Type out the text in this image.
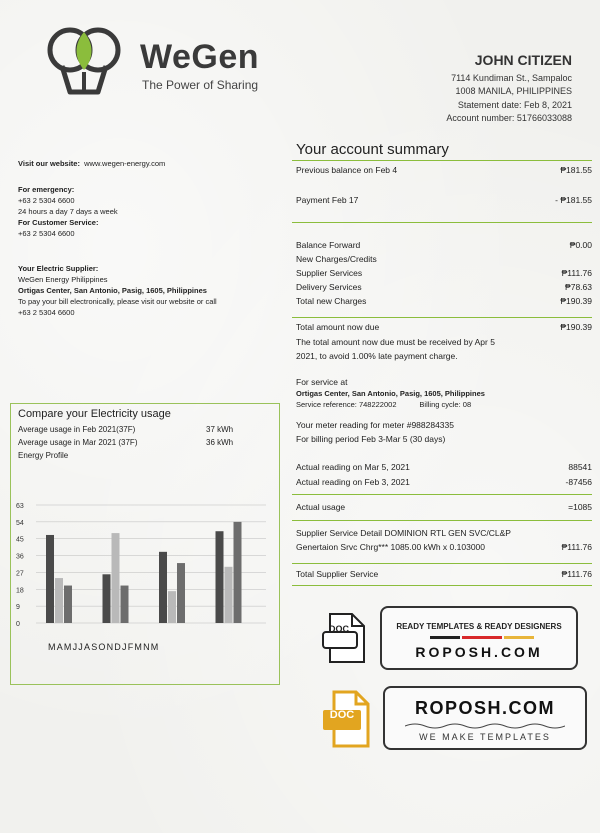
WeGen
The Power of Sharing
JOHN CITIZEN
7114 Kundiman St., Sampaloc
1008 MANILA, PHILIPPINES
Statement date: Feb 8, 2021
Account number: 51766033088
Visit our website: www.wegen-energy.com
For emergency:
+63 2 5304 6600
24 hours a day 7 days a week
For Customer Service:
+63 2 5304 6600
Your Electric Supplier:
WeGen Energy Philippines
Ortigas Center, San Antonio, Pasig, 1605, Philippines
To pay your bill electronically, please visit our website or call
+63 2 5304 6600
Your account summary
Previous balance on Feb 4	₱181.55
Payment Feb 17	- ₱181.55
Balance Forward	₱0.00
New Charges/Credits
Supplier Services	₱111.76
Delivery Services	₱78.63
Total new Charges	₱190.39
Total amount now due	₱190.39
The total amount now due must be received by Apr 5
2021, to avoid 1.00% late payment charge.
For service at
Ortigas Center, San Antonio, Pasig, 1605, Philippines
Service reference: 748222002	Billing cycle: 08
Your meter reading for meter #988284335
For billing period Feb 3-Mar 5 (30 days)
Actual reading on Mar 5, 2021	88541
Actual reading on Feb 3, 2021	-87456
Actual usage	=1085
Supplier Service Detail DOMINION RTL GEN SVC/CL&P
Genertaion Srvc Chrg*** 1085.00 kWh x 0.103000	₱111.76
Total Supplier Service	₱111.76
Compare your Electricity usage
Average usage in Feb 2021(37F)	37 kWh
Average usage in Mar 2021 (37F)	36 kWh
Energy Profile
63
54
45
36
27
18
9
0
MAMJJASONDJFMNM
DOC	READY TEMPLATES & READY DESIGNERS
ROPOSH.COM
DOC	ROPOSH.COM
WE MAKE TEMPLATES
